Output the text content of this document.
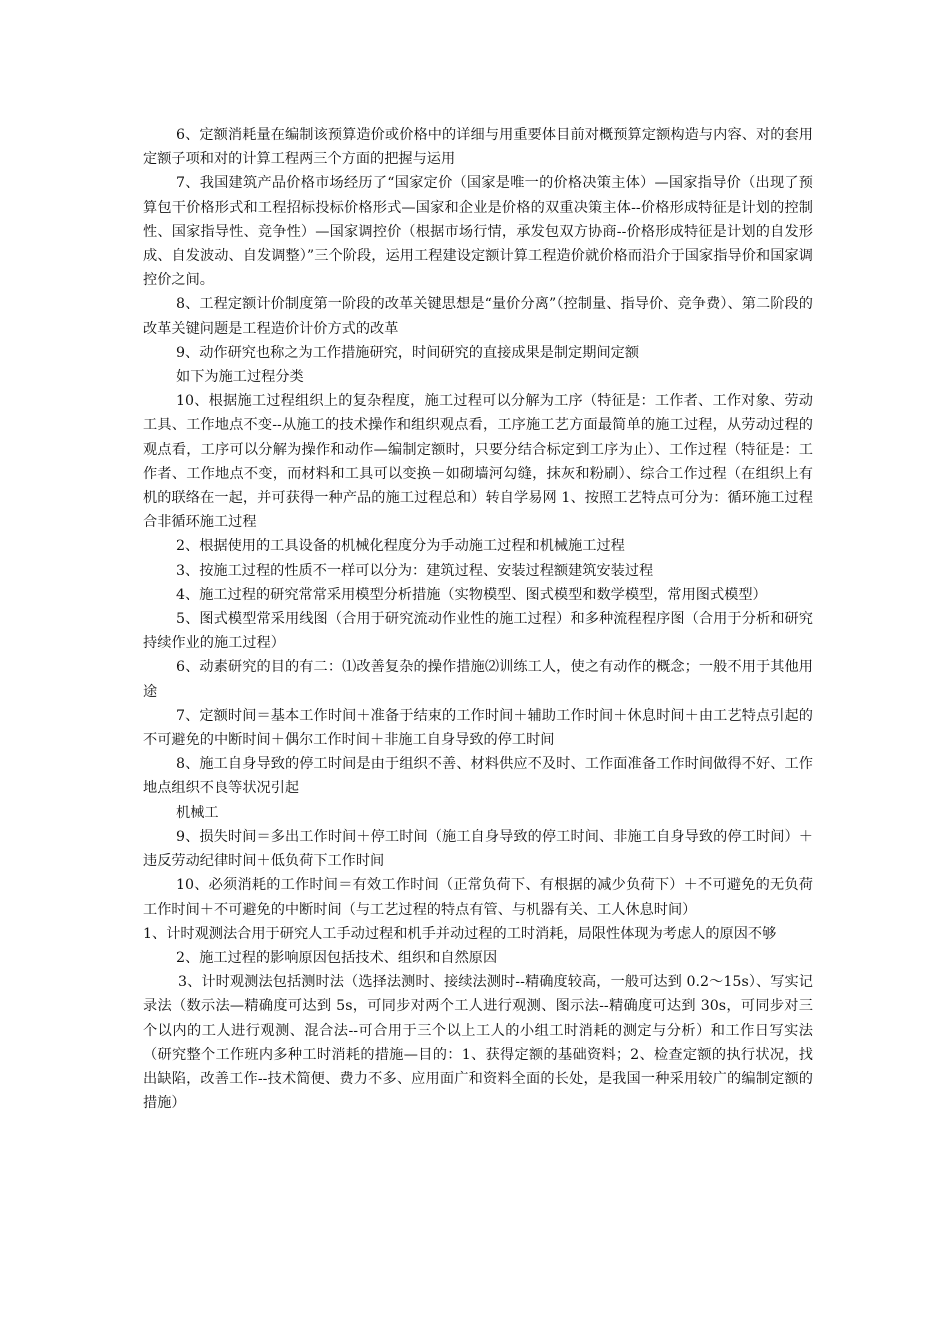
6、定额消耗量在编制该预算造价或价格中的详细与用重要体目前对概预算定额构造与内容、对的套用定额子项和对的计算工程两三个方面的把握与运用

7、我国建筑产品价格市场经历了“国家定价（国家是唯一的价格决策主体）—国家指导价（出现了预算包干价格形式和工程招标投标价格形式—国家和企业是价格的双重决策主体--价格形成特征是计划的控制性、国家指导性、竞争性）—国家调控价（根据市场行情，承发包双方协商--价格形成特征是计划的自发形成、自发波动、自发调整）”三个阶段，运用工程建设定额计算工程造价就价格而沿介于国家指导价和国家调控价之间。

8、工程定额计价制度第一阶段的改革关键思想是“量价分离”（控制量、指导价、竞争费）、第二阶段的改革关键问题是工程造价计价方式的改革

9、动作研究也称之为工作措施研究，时间研究的直接成果是制定期间定额

如下为施工过程分类

10、根据施工过程组织上的复杂程度，施工过程可以分解为工序（特征是：工作者、工作对象、劳动工具、工作地点不变--从施工的技术操作和组织观点看，工序施工艺方面最简单的施工过程，从劳动过程的观点看，工序可以分解为操作和动作—编制定额时，只要分结合标定到工序为止）、工作过程（特征是：工作者、工作地点不变，而材料和工具可以变换－如砌墙河勾缝，抹灰和粉刷）、综合工作过程（在组织上有机的联络在一起，并可获得一种产品的施工过程总和）转自学易网 1、按照工艺特点可分为：循环施工过程合非循环施工过程

2、根据使用的工具设备的机械化程度分为手动施工过程和机械施工过程

3、按施工过程的性质不一样可以分为：建筑过程、安装过程额建筑安装过程

4、施工过程的研究常常采用模型分析措施（实物模型、图式模型和数学模型，常用图式模型）

5、图式模型常采用线图（合用于研究流动作业性的施工过程）和多种流程程序图（合用于分析和研究持续作业的施工过程）

6、动素研究的目的有二：⑴改善复杂的操作措施⑵训练工人，使之有动作的概念；一般不用于其他用途

7、定额时间＝基本工作时间＋准备于结束的工作时间＋辅助工作时间＋休息时间＋由工艺特点引起的不可避免的中断时间＋偶尔工作时间＋非施工自身导致的停工时间

8、施工自身导致的停工时间是由于组织不善、材料供应不及时、工作面准备工作时间做得不好、工作地点组织不良等状况引起

机械工

9、损失时间＝多出工作时间＋停工时间（施工自身导致的停工时间、非施工自身导致的停工时间）＋违反劳动纪律时间＋低负荷下工作时间

10、必须消耗的工作时间＝有效工作时间（正常负荷下、有根据的减少负荷下）＋不可避免的无负荷工作时间＋不可避免的中断时间（与工艺过程的特点有管、与机器有关、工人休息时间）

1、计时观测法合用于研究人工手动过程和机手并动过程的工时消耗，局限性体现为考虑人的原因不够

2、施工过程的影响原因包括技术、组织和自然原因

3、计时观测法包括测时法（选择法测时、接续法测时--精确度较高，一般可达到 0.2～15s）、写实记录法（数示法—精确度可达到 5s，可同步对两个工人进行观测、图示法--精确度可达到 30s，可同步对三个以内的工人进行观测、混合法--可合用于三个以上工人的小组工时消耗的测定与分析）和工作日写实法（研究整个工作班内多种工时消耗的措施—目的：1、获得定额的基础资料；2、检查定额的执行状况，找出缺陷，改善工作--技术简便、费力不多、应用面广和资料全面的长处，是我国一种采用较广的编制定额的措施）
